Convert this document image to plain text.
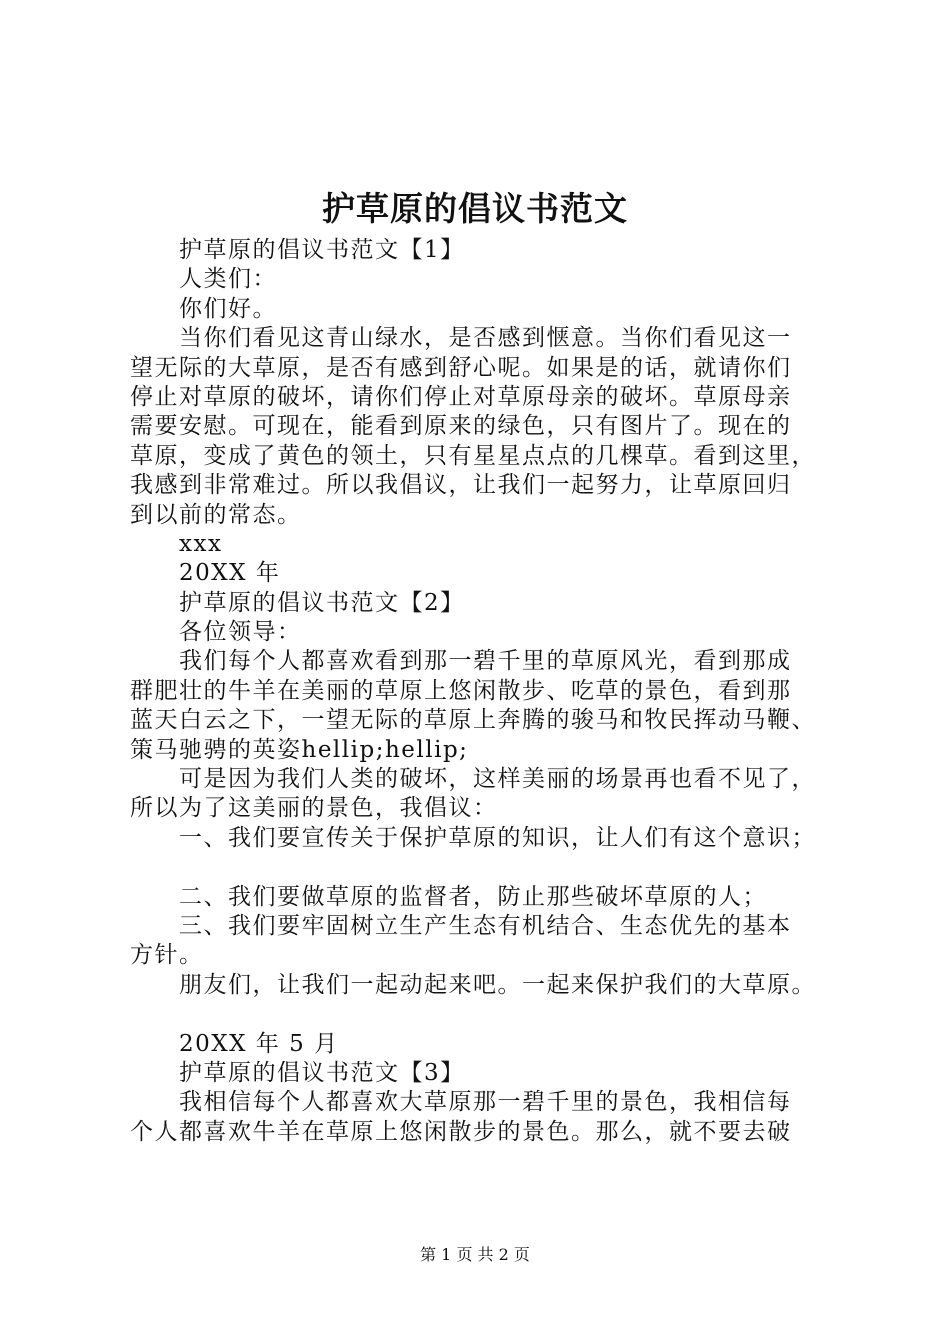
护草原的倡议书范文
护草原的倡议书范文【1】
人类们：
你们好。
当你们看见这青山绿水，是否感到惬意。当你们看见这一
望无际的大草原，是否有感到舒心呢。如果是的话，就请你们
停止对草原的破坏，请你们停止对草原母亲的破坏。草原母亲
需要安慰。可现在，能看到原来的绿色，只有图片了。现在的
草原，变成了黄色的领土，只有星星点点的几棵草。看到这里，
我感到非常难过。所以我倡议，让我们一起努力，让草原回归
到以前的常态。
xxx
20XX 年
护草原的倡议书范文【2】
各位领导：
我们每个人都喜欢看到那一碧千里的草原风光，看到那成
群肥壮的牛羊在美丽的草原上悠闲散步、吃草的景色，看到那
蓝天白云之下，一望无际的草原上奔腾的骏马和牧民挥动马鞭、
策马驰骋的英姿hellip;hellip;
可是因为我们人类的破坏，这样美丽的场景再也看不见了，
所以为了这美丽的景色，我倡议：
一、我们要宣传关于保护草原的知识，让人们有这个意识；
二、我们要做草原的监督者，防止那些破坏草原的人；
三、我们要牢固树立生产生态有机结合、生态优先的基本
方针。
朋友们，让我们一起动起来吧。一起来保护我们的大草原。
20XX 年 5 月
护草原的倡议书范文【3】
我相信每个人都喜欢大草原那一碧千里的景色，我相信每
个人都喜欢牛羊在草原上悠闲散步的景色。那么，就不要去破
第 1 页 共 2 页
